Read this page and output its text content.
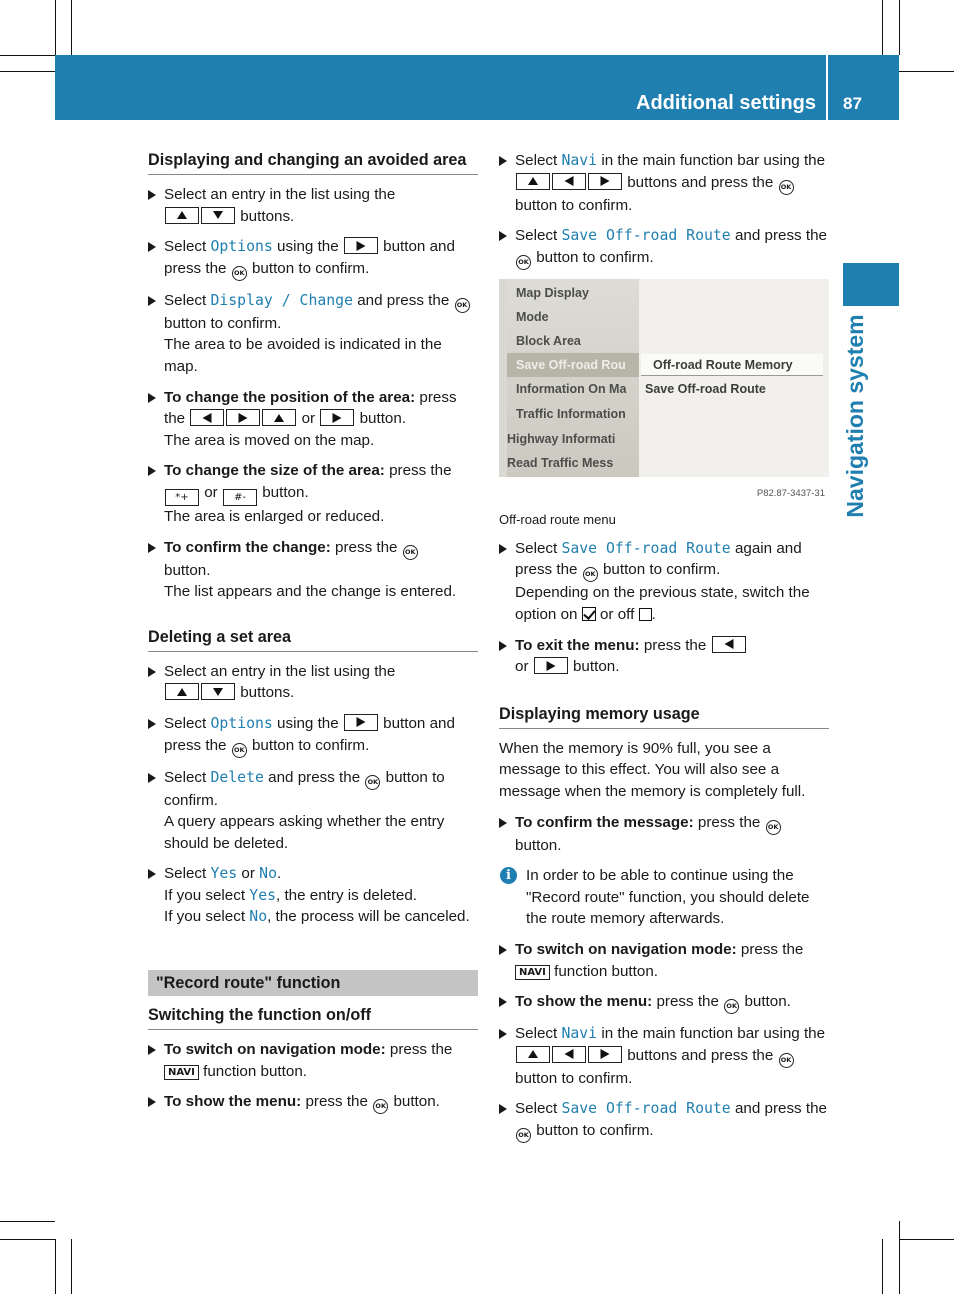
Additional settings 87
Navigation system
Displaying and changing an avoided area
Select an entry in the list using the
buttons.
Select Options using the	button and press the OK button to confirm.
Select Display / Change and press the OK button to confirm.
The area to be avoided is indicated in the map.
To change the position of the area: press the	or	button.
The area is moved on the map.
To change the size of the area: press the
*+ or #- button.
The area is enlarged or reduced.
To confirm the change: press the OK
button.
The list appears and the change is entered.
Deleting a set area
Select an entry in the list using the
buttons.
Select Options using the	button and press the OK button to confirm.
Select Delete and press the OK button to confirm.
A query appears asking whether the entry should be deleted.
Select Yes or No.
If you select Yes, the entry is deleted.
If you select No, the process will be canceled.
"Record route" function
Switching the function on/off
To switch on navigation mode: press the
NAVI function button.
To show the menu: press the OK button.
Select Navi in the main function bar using the  buttons and press the OK button to confirm.
Select Save Off-road Route and press the OK button to confirm.
Map Display
Mode
Block Area
Save Off-road Rou
Information On Ma
Traffic Information
Highway Informati
Read Traffic Mess
Off-road Route Memory
Save Off-road Route
P82.87-3437-31
Off-road route menu
Select Save Off-road Route again and press the OK button to confirm.
Depending on the previous state, switch the option on or off .
To exit the menu: press the
or	button.
Displaying memory usage

When the memory is 90% full, you see a message to this effect. You will also see a message when the memory is completely full.

To confirm the message: press the OK
button.
i In order to be able to continue using the "Record route" function, you should delete the route memory afterwards.
To switch on navigation mode: press the
NAVI function button.
To show the menu: press the OK button.
Select Navi in the main function bar using the  buttons and press the OK button to confirm.
Select Save Off-road Route and press the OK button to confirm.
